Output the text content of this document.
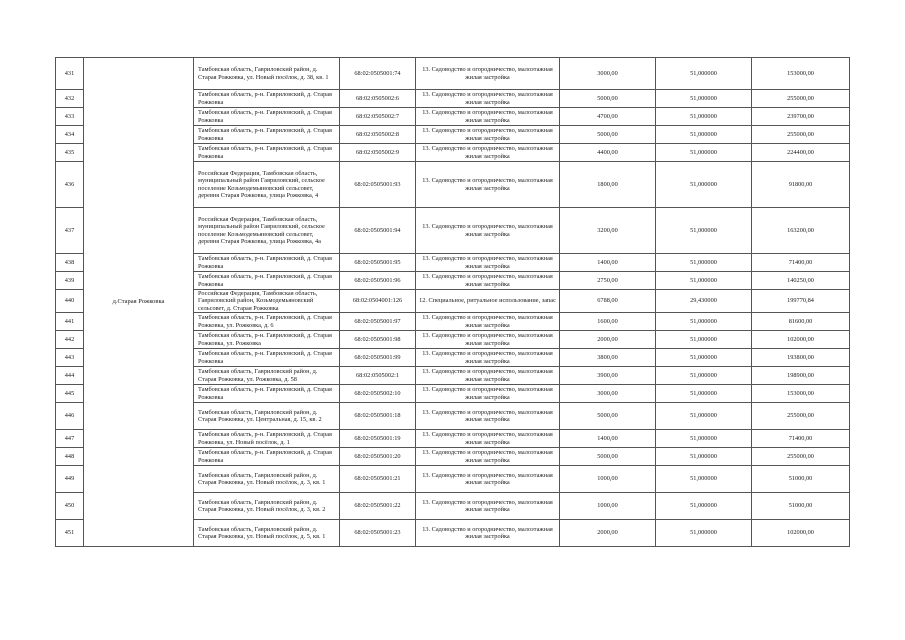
431	д.Старая Рожковка	Тамбовская область, Гавриловский район, д. Старая Рожковка, ул. Новый посёлок, д. 38, кв. 1	68:02:0505001:74	13. Садоводство и огородничество, малоэтажная жилая застройка	3000,00	51,000000	153000,00
432		Тамбовская область, р-н. Гавриловский, д. Старая Рожковка	68:02:0505002:6	13. Садоводство и огородничество, малоэтажная жилая застройка	5000,00	51,000000	255000,00
433		Тамбовская область, р-н. Гавриловский, д. Старая Рожковка	68:02:0505002:7	13. Садоводство и огородничество, малоэтажная жилая застройка	4700,00	51,000000	239700,00
434		Тамбовская область, р-н. Гавриловский, д. Старая Рожковка	68:02:0505002:8	13. Садоводство и огородничество, малоэтажная жилая застройка	5000,00	51,000000	255000,00
435		Тамбовская область, р-н. Гавриловский, д. Старая Рожковка	68:02:0505002:9	13. Садоводство и огородничество, малоэтажная жилая застройка	4400,00	51,000000	224400,00
436		Российская Федерация, Тамбовская область, муниципальный район Гавриловский, сельское поселение Козьмодемьяновский сельсовет, деревня Старая Рожковка, улица Рожковка, 4	68:02:0505001:93	13. Садоводство и огородничество, малоэтажная жилая застройка	1800,00	51,000000	91800,00
437		Российская Федерация, Тамбовская область, муниципальный район Гавриловский, сельское поселение Козьмодемьяновский сельсовет, деревня Старая Рожковка, улица Рожковка, 4а	68:02:0505001:94	13. Садоводство и огородничество, малоэтажная жилая застройка	3200,00	51,000000	163200,00
438		Тамбовская область, р-н. Гавриловский, д. Старая Рожковка	68:02:0505001:95	13. Садоводство и огородничество, малоэтажная жилая застройка	1400,00	51,000000	71400,00
439		Тамбовская область, р-н. Гавриловский, д. Старая Рожковка	68:02:0505001:96	13. Садоводство и огородничество, малоэтажная жилая застройка	2750,00	51,000000	140250,00
440		Российская Федерация, Тамбовская область, Гавриловский район, Козьмодемьяновский сельсовет, д. Старая Рожковка	68:02:0504001:126	12. Специальное, ритуальное использование, запас	6788,00	29,430000	199770,84
441		Тамбовская область, р-н. Гавриловский, д. Старая Рожковка, ул. Рожковка, д. 6	68:02:0505001:97	13. Садоводство и огородничество, малоэтажная жилая застройка	1600,00	51,000000	81600,00
442		Тамбовская область, р-н. Гавриловский, д. Старая Рожковка, ул. Рожковка	68:02:0505001:98	13. Садоводство и огородничество, малоэтажная жилая застройка	2000,00	51,000000	102000,00
443		Тамбовская область, р-н. Гавриловский, д. Старая Рожковка	68:02:0505001:99	13. Садоводство и огородничество, малоэтажная жилая застройка	3800,00	51,000000	193800,00
444		Тамбовская область, Гавриловский район, д. Старая Рожковка, ул. Рожковка, д. 58	68:02:0505002:1	13. Садоводство и огородничество, малоэтажная жилая застройка	3900,00	51,000000	198900,00
445		Тамбовская область, р-н. Гавриловский, д. Старая Рожковка	68:02:0505002:10	13. Садоводство и огородничество, малоэтажная жилая застройка	3000,00	51,000000	153000,00
446		Тамбовская область, Гавриловский район, д. Старая Рожковка, ул. Центральная, д. 15, кв. 2	68:02:0505001:18	13. Садоводство и огородничество, малоэтажная жилая застройка	5000,00	51,000000	255000,00
447		Тамбовская область, р-н. Гавриловский, д. Старая Рожковка, ул. Новый посёлок, д. 1	68:02:0505001:19	13. Садоводство и огородничество, малоэтажная жилая застройка	1400,00	51,000000	71400,00
448		Тамбовская область, р-н. Гавриловский, д. Старая Рожковка	68:02:0505001:20	13. Садоводство и огородничество, малоэтажная жилая застройка	5000,00	51,000000	255000,00
449		Тамбовская область, Гавриловский район, д. Старая Рожковка, ул. Новый посёлок, д. 3, кв. 1	68:02:0505001:21	13. Садоводство и огородничество, малоэтажная жилая застройка	1000,00	51,000000	51000,00
450		Тамбовская область, Гавриловский район, д. Старая Рожковка, ул. Новый посёлок, д. 3, кв. 2	68:02:0505001:22	13. Садоводство и огородничество, малоэтажная жилая застройка	1000,00	51,000000	51000,00
451		Тамбовская область, Гавриловский район, д. Старая Рожковка, ул. Новый посёлок, д. 5, кв. 1	68:02:0505001:23	13. Садоводство и огородничество, малоэтажная жилая застройка	2000,00	51,000000	102000,00
